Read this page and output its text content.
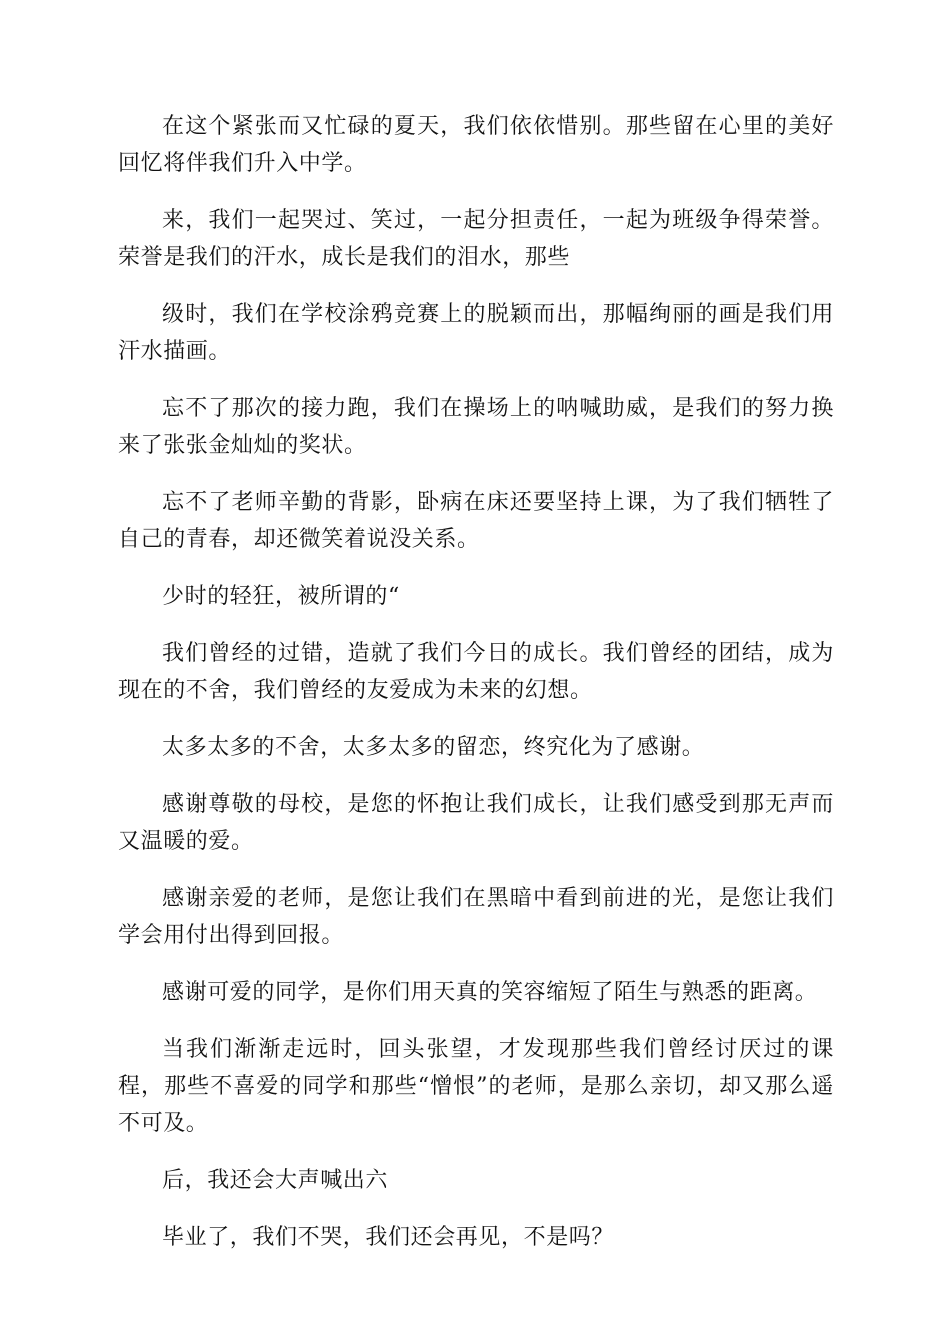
在这个紧张而又忙碌的夏天，我们依依惜别。那些留在心里的美好回忆将伴我们升入中学。

来，我们一起哭过、笑过，一起分担责任，一起为班级争得荣誉。荣誉是我们的汗水，成长是我们的泪水，那些

级时，我们在学校涂鸦竞赛上的脱颖而出，那幅绚丽的画是我们用汗水描画。

忘不了那次的接力跑，我们在操场上的呐喊助威，是我们的努力换来了张张金灿灿的奖状。

忘不了老师辛勤的背影，卧病在床还要坚持上课，为了我们牺牲了自己的青春，却还微笑着说没关系。

少时的轻狂，被所谓的“

我们曾经的过错，造就了我们今日的成长。我们曾经的团结，成为现在的不舍，我们曾经的友爱成为未来的幻想。

太多太多的不舍，太多太多的留恋，终究化为了感谢。

感谢尊敬的母校，是您的怀抱让我们成长，让我们感受到那无声而又温暖的爱。

感谢亲爱的老师，是您让我们在黑暗中看到前进的光，是您让我们学会用付出得到回报。

感谢可爱的同学，是你们用天真的笑容缩短了陌生与熟悉的距离。

当我们渐渐走远时，回头张望，才发现那些我们曾经讨厌过的课程，那些不喜爱的同学和那些“憎恨”的老师，是那么亲切，却又那么遥不可及。

后，我还会大声喊出六

毕业了，我们不哭，我们还会再见，不是吗？
